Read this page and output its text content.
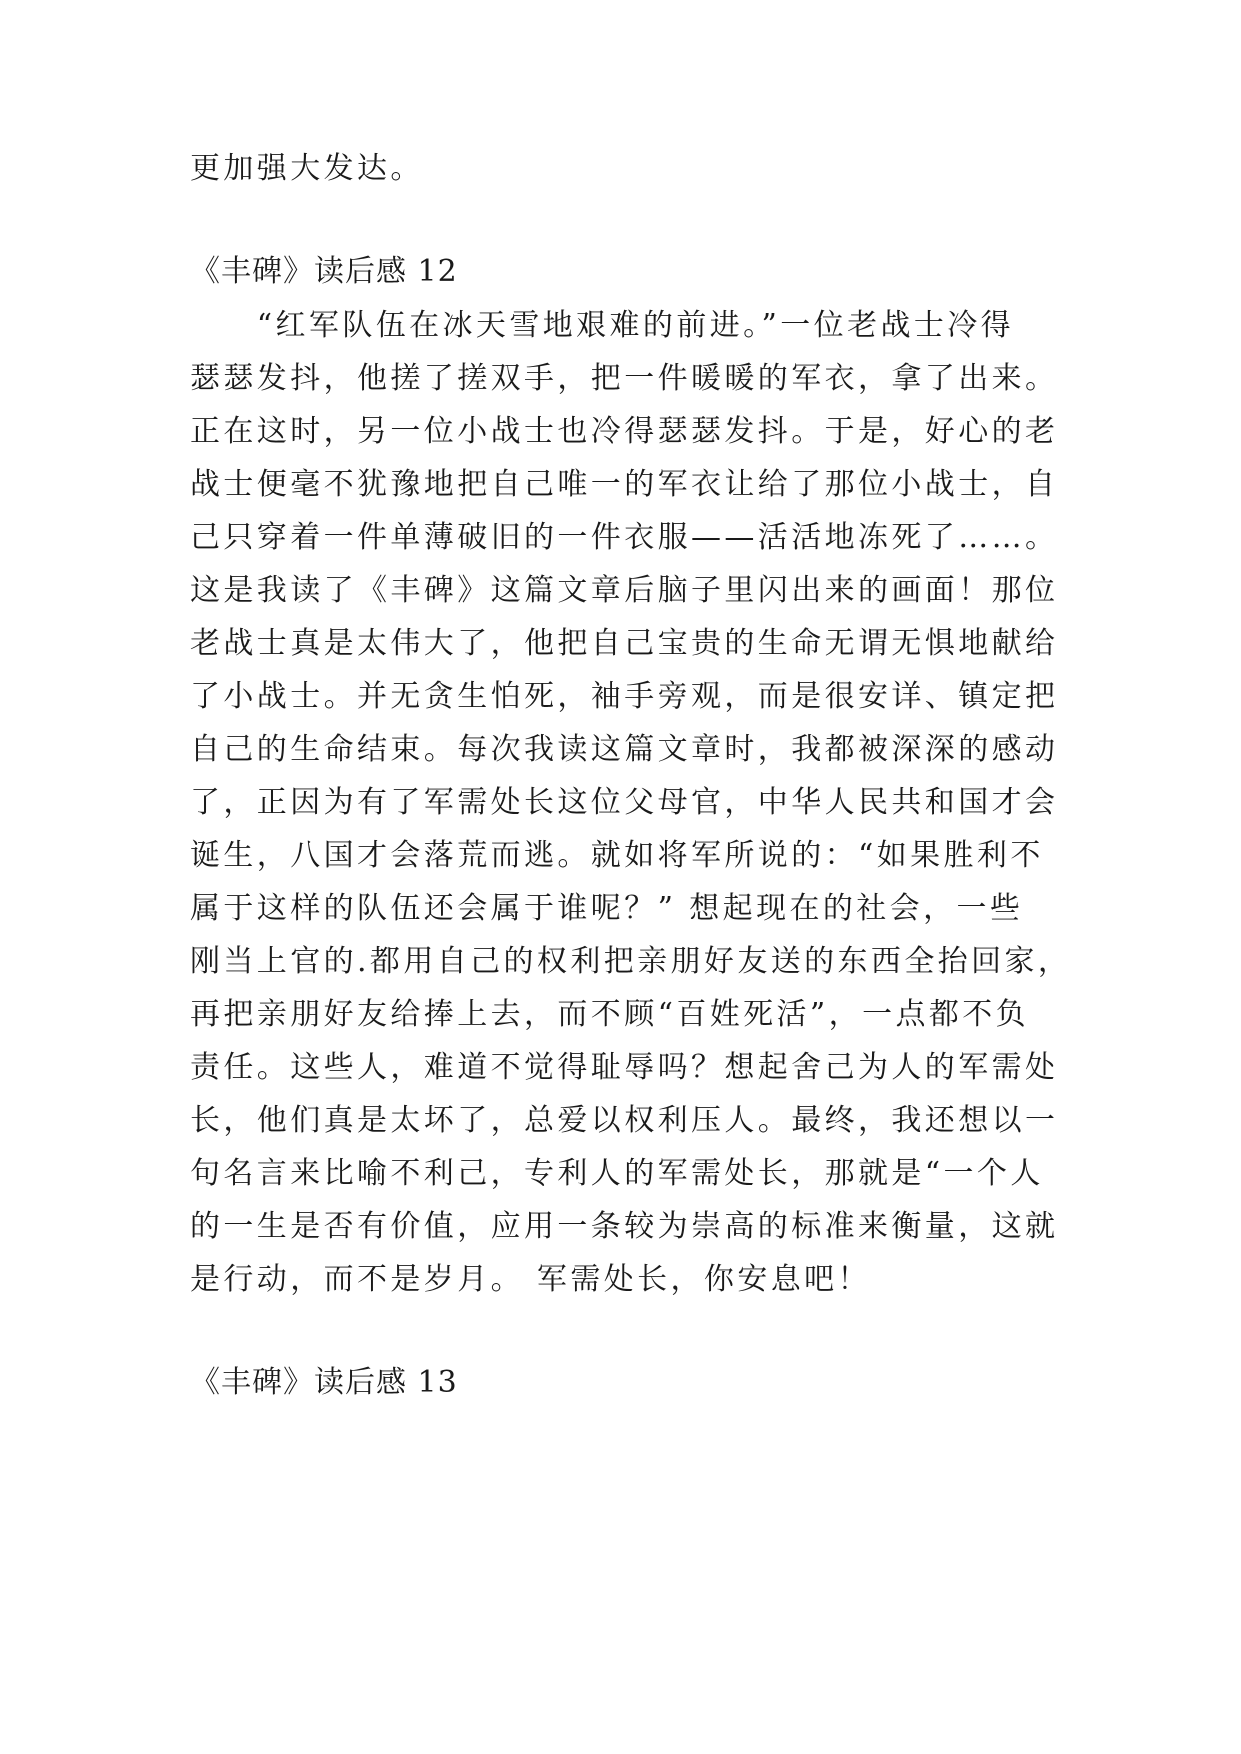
更加强大发达。
《丰碑》读后感 12
　　“红军队伍在冰天雪地艰难的前进。”一位老战士冷得
瑟瑟发抖，他搓了搓双手，把一件暖暖的军衣，拿了出来。
正在这时，另一位小战士也冷得瑟瑟发抖。于是，好心的老
战士便毫不犹豫地把自己唯一的军衣让给了那位小战士，自
己只穿着一件单薄破旧的一件衣服——活活地冻死了……。
这是我读了《丰碑》这篇文章后脑子里闪出来的画面！那位
老战士真是太伟大了，他把自己宝贵的生命无谓无惧地献给
了小战士。并无贪生怕死，袖手旁观，而是很安详、镇定把
自己的生命结束。每次我读这篇文章时，我都被深深的感动
了，正因为有了军需处长这位父母官，中华人民共和国才会
诞生，八国才会落荒而逃。就如将军所说的：“如果胜利不
属于这样的队伍还会属于谁呢？” 想起现在的社会，一些
刚当上官的.都用自己的权利把亲朋好友送的东西全抬回家，
再把亲朋好友给捧上去，而不顾“百姓死活”，一点都不负
责任。这些人，难道不觉得耻辱吗？想起舍己为人的军需处
长，他们真是太坏了，总爱以权利压人。最终，我还想以一
句名言来比喻不利己，专利人的军需处长，那就是“一个人
的一生是否有价值，应用一条较为崇高的标准来衡量，这就
是行动，而不是岁月。 军需处长，你安息吧！
《丰碑》读后感 13
